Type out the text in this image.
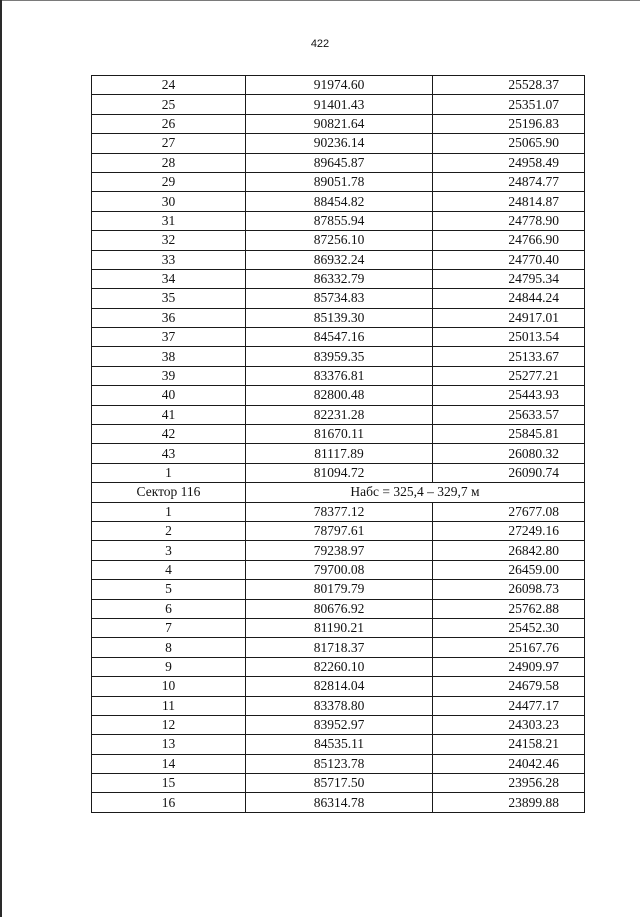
422
24	91974.60	25528.37
25	91401.43	25351.07
26	90821.64	25196.83
27	90236.14	25065.90
28	89645.87	24958.49
29	89051.78	24874.77
30	88454.82	24814.87
31	87855.94	24778.90
32	87256.10	24766.90
33	86932.24	24770.40
34	86332.79	24795.34
35	85734.83	24844.24
36	85139.30	24917.01
37	84547.16	25013.54
38	83959.35	25133.67
39	83376.81	25277.21
40	82800.48	25443.93
41	82231.28	25633.57
42	81670.11	25845.81
43	81117.89	26080.32
1	81094.72	26090.74
Сектор 116	Набс = 325,4 – 329,7 м	
1	78377.12	27677.08
2	78797.61	27249.16
3	79238.97	26842.80
4	79700.08	26459.00
5	80179.79	26098.73
6	80676.92	25762.88
7	81190.21	25452.30
8	81718.37	25167.76
9	82260.10	24909.97
10	82814.04	24679.58
11	83378.80	24477.17
12	83952.97	24303.23
13	84535.11	24158.21
14	85123.78	24042.46
15	85717.50	23956.28
16	86314.78	23899.88
